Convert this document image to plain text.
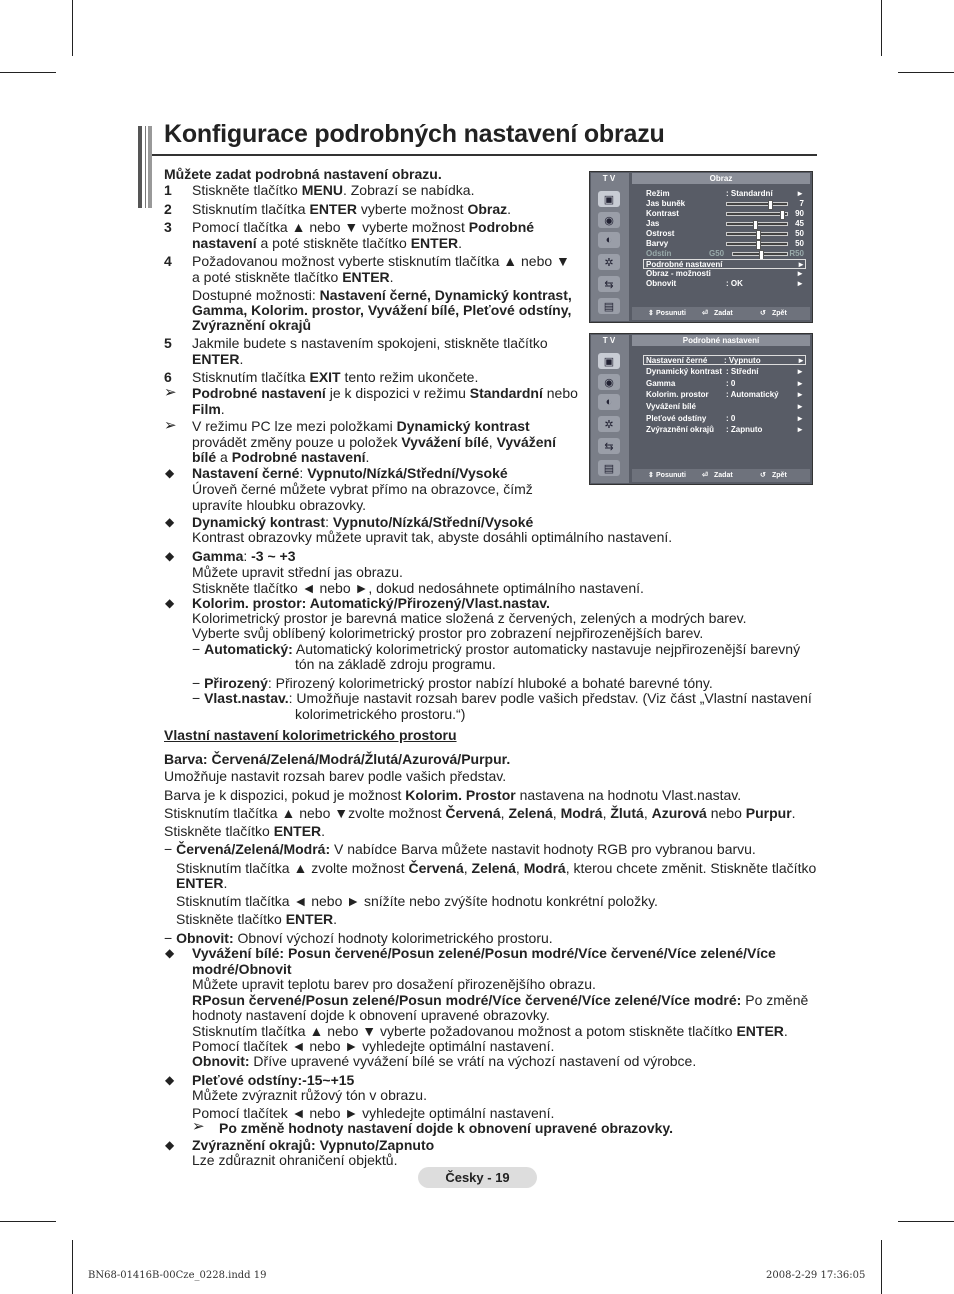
Konfigurace podrobných nastavení obrazu
Můžete zadat podrobná nastavení obrazu.
1 Stiskněte tlačítko MENU. Zobrazí se nabídka.
2 Stisknutím tlačítka ENTER vyberte možnost Obraz.
3 Pomocí tlačítka ▲ nebo ▼ vyberte možnost Podrobné
nastavení a poté stiskněte tlačítko ENTER.
4 Požadovanou možnost vyberte stisknutím tlačítka ▲ nebo ▼
a poté stiskněte tlačítko ENTER.
Dostupné možnosti: Nastavení černé, Dynamický kontrast,
Gamma, Kolorim. prostor, Vyvážení bílé, Pleťové odstíny,
Zvýraznění okrajů
5 Jakmile budete s nastavením spokojeni, stiskněte tlačítko
ENTER.
6 Stisknutím tlačítka EXIT tento režim ukončete.
➢ Podrobné nastavení je k dispozici v režimu Standardní nebo
Film.
➢ V režimu PC lze mezi položkami Dynamický kontrast
provádět změny pouze u položek Vyvážení bílé, Vyvážení
bílé a Podrobné nastavení.
◆ Nastavení černé: Vypnuto/Nízká/Střední/Vysoké
Úroveň černé můžete vybrat přímo na obrazovce, čímž
upravíte hloubku obrazovky.
◆ Dynamický kontrast: Vypnuto/Nízká/Střední/Vysoké
Kontrast obrazovky můžete upravit tak, abyste dosáhli optimálního nastavení.
◆ Gamma: -3 ~ +3
Můžete upravit střední jas obrazu.
Stiskněte tlačítko ◄ nebo ►, dokud nedosáhnete optimálního nastavení.
◆ Kolorim. prostor: Automatický/Přirozený/Vlast.nastav.
Kolorimetrický prostor je barevná matice složená z červených, zelených a modrých barev.
Vyberte svůj oblíbený kolorimetrický prostor pro zobrazení nejpřirozenějších barev.
− Automatický: Automatický kolorimetrický prostor automaticky nastavuje nejpřirozenější barevný
tón na základě zdroju programu.
− Přirozený: Přirozený kolorimetrický prostor nabízí hluboké a bohaté barevné tóny.
− Vlast.nastav.: Umožňuje nastavit rozsah barev podle vašich představ. (Viz část „Vlastní nastavení
kolorimetrického prostoru.“)
Vlastní nastavení kolorimetrického prostoru
Barva: Červená/Zelená/Modrá/Žlutá/Azurová/Purpur.
Umožňuje nastavit rozsah barev podle vašich představ.
Barva je k dispozici, pokud je možnost Kolorim. Prostor nastavena na hodnotu Vlast.nastav.
Stisknutím tlačítka ▲ nebo ▼zvolte možnost Červená, Zelená, Modrá, Žlutá, Azurová nebo Purpur.
Stiskněte tlačítko ENTER.
− Červená/Zelená/Modrá: V nabídce Barva můžete nastavit hodnoty RGB pro vybranou barvu.
Stisknutím tlačítka ▲ zvolte možnost Červená, Zelená, Modrá, kterou chcete změnit. Stiskněte tlačítko
ENTER.
Stisknutím tlačítka ◄ nebo ► snížíte nebo zvýšíte hodnotu konkrétní položky.
Stiskněte tlačítko ENTER.
− Obnovit: Obnoví výchozí hodnoty kolorimetrického prostoru.
◆ Vyvážení bílé: Posun červené/Posun zelené/Posun modré/Více červené/Více zelené/Více
modré/Obnovit
Můžete upravit teplotu barev pro dosažení přirozenějšího obrazu.
RPosun červené/Posun zelené/Posun modré/Více červené/Více zelené/Více modré: Po změně
hodnoty nastavení dojde k obnovení upravené obrazovky.
Stisknutím tlačítka ▲ nebo ▼ vyberte požadovanou možnost a potom stiskněte tlačítko ENTER.
Pomocí tlačítek ◄ nebo ► vyhledejte optimální nastavení.
Obnovit: Dříve upravené vyvážení bílé se vrátí na výchozí nastavení od výrobce.
◆ Pleťové odstíny:-15~+15
Můžete zvýraznit růžový tón v obrazu.
Pomocí tlačítek ◄ nebo ► vyhledejte optimální nastavení.
➢ Po změně hodnoty nastavení dojde k obnovení upravené obrazovky.
◆ Zvýraznění okrajů: Vypnuto/Zapnuto
Lze zdůraznit ohraničení objektů.
T V	Obraz
▣
◉
◐
✲
⇆
▤
Režim	: Standardní	►
Jas buněk	7
Kontrast	90
Jas	45
Ostrost	50
Barvy	50
Odstín	G50	R50
Podrobné nastavení	►
Obraz - možnosti	►
Obnovit	: OK	►
⇕ Posunuti ⏎ Zadat	↺ Zpět
T V	Podrobné nastavení
▣
◉
◐
✲
⇆
▤
Nastavení černé : Vypnuto	►
Dynamický kontrast : Střední	►
Gamma	: 0	►
Kolorim. prostor : Automatický ►
Vyvážení bílé	►
Pleťové odstíny : 0	►
Zvýraznění okrajů : Zapnuto	►
⇕ Posunuti ⏎ Zadat	↺ Zpět
Česky - 19
BN68-01416B-00Cze_0228.indd 19	2008-2-29 17:36:05
